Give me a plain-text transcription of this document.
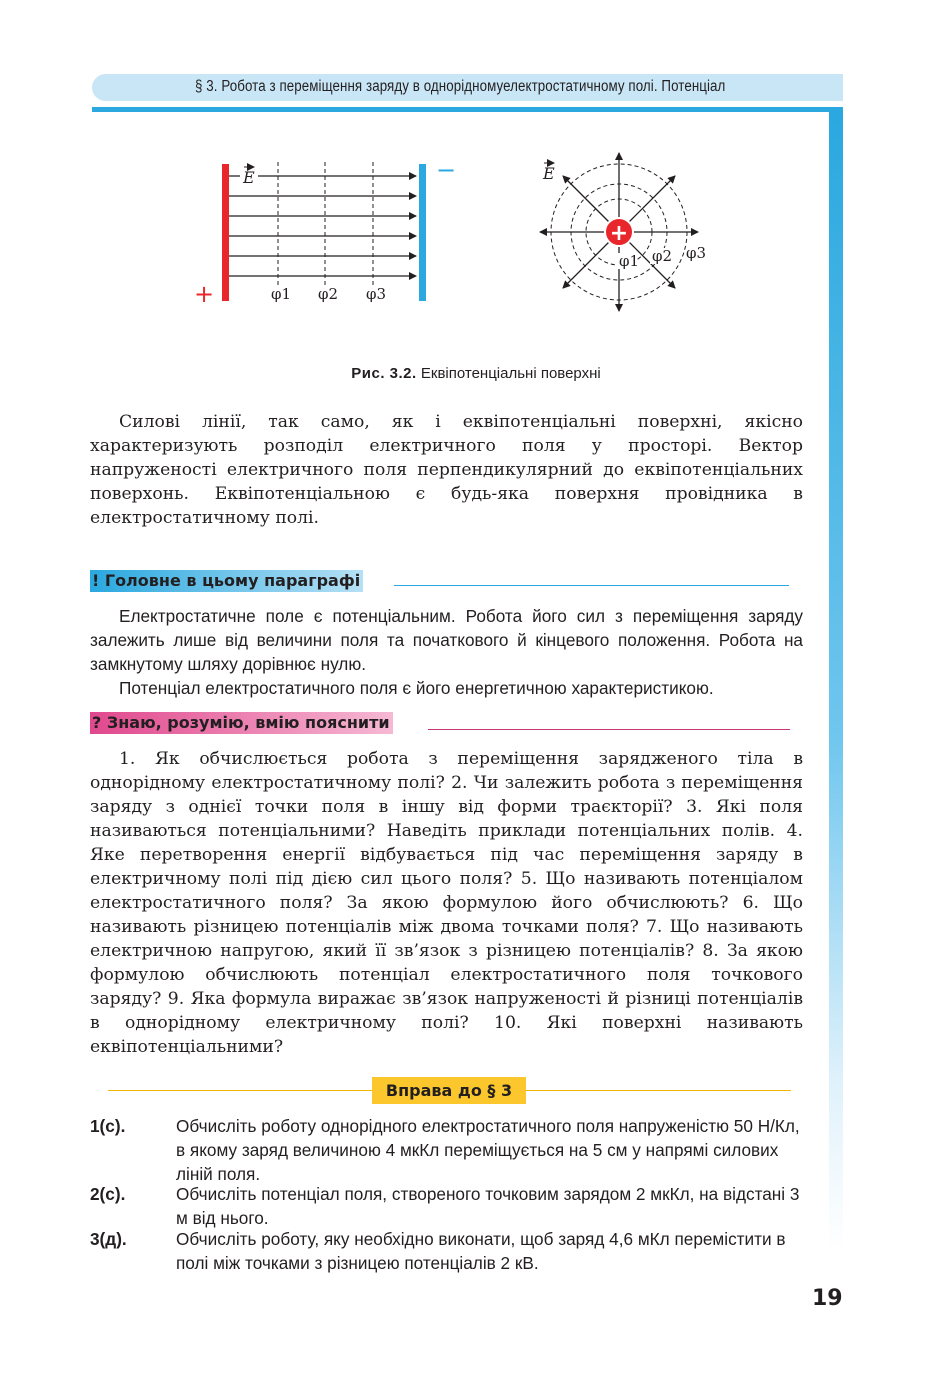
§ 3. Робота з переміщення заряду в однорідномуелектростатичному полі. Потенціал
E
+
−
φ1 φ2 φ3
+
E
φ1 φ2 φ3
Рис. 3.2. Еквіпотенціальні поверхні
Силові лінії, так само, як і еквіпотенціальні поверхні, якісно характеризують розподіл електричного поля у просторі. Вектор напруженості електричного поля перпендикулярний до еквіпотенціальних поверхонь. Еквіпотенціальною є будь-яка поверхня провідника в електростатичному полі.
! Головне в цьому параграфі
Електростатичне поле є потенціальним. Робота його сил з переміщення заряду залежить лише від величини поля та початкового й кінцевого положення. Робота на замкнутому шляху дорівнює нулю.
Потенціал електростатичного поля є його енергетичною характеристикою.
? Знаю, розумію, вмію пояснити
1. Як обчислюється робота з переміщення зарядженого тіла в однорідному електростатичному полі? 2. Чи залежить робота з переміщення заряду з однієї точки поля в іншу від форми траєкторії? 3. Які поля називаються потенціальними? Наведіть приклади потенціальних полів. 4. Яке перетворення енергії відбувається під час переміщення заряду в електричному полі під дією сил цього поля? 5. Що називають потенціалом електростатичного поля? За якою формулою його обчислюють? 6. Що називають різницею потенціалів між двома точками поля? 7. Що називають електричною напругою, який її зв’язок з різницею потенціалів? 8. За якою формулою обчислюють потенціал електростатичного поля точкового заряду? 9. Яка формула виражає зв’язок напруженості й різниці потенціалів в однорідному електричному полі? 10. Які поверхні називають еквіпотенціальними?
Вправа до § 3
1(с).	Обчисліть роботу однорідного електростатичного поля напруженістю 50 Н/Кл, в якому заряд величиною 4 мкКл переміщується на 5 см у напрямі силових ліній поля.
2(с).	Обчисліть потенціал поля, створеного точковим зарядом 2 мкКл, на відстані 3 м від нього.
3(д).	Обчисліть роботу, яку необхідно виконати, щоб заряд 4,6 мКл перемістити в полі між точками з різницею потенціалів 2 кВ.
19
